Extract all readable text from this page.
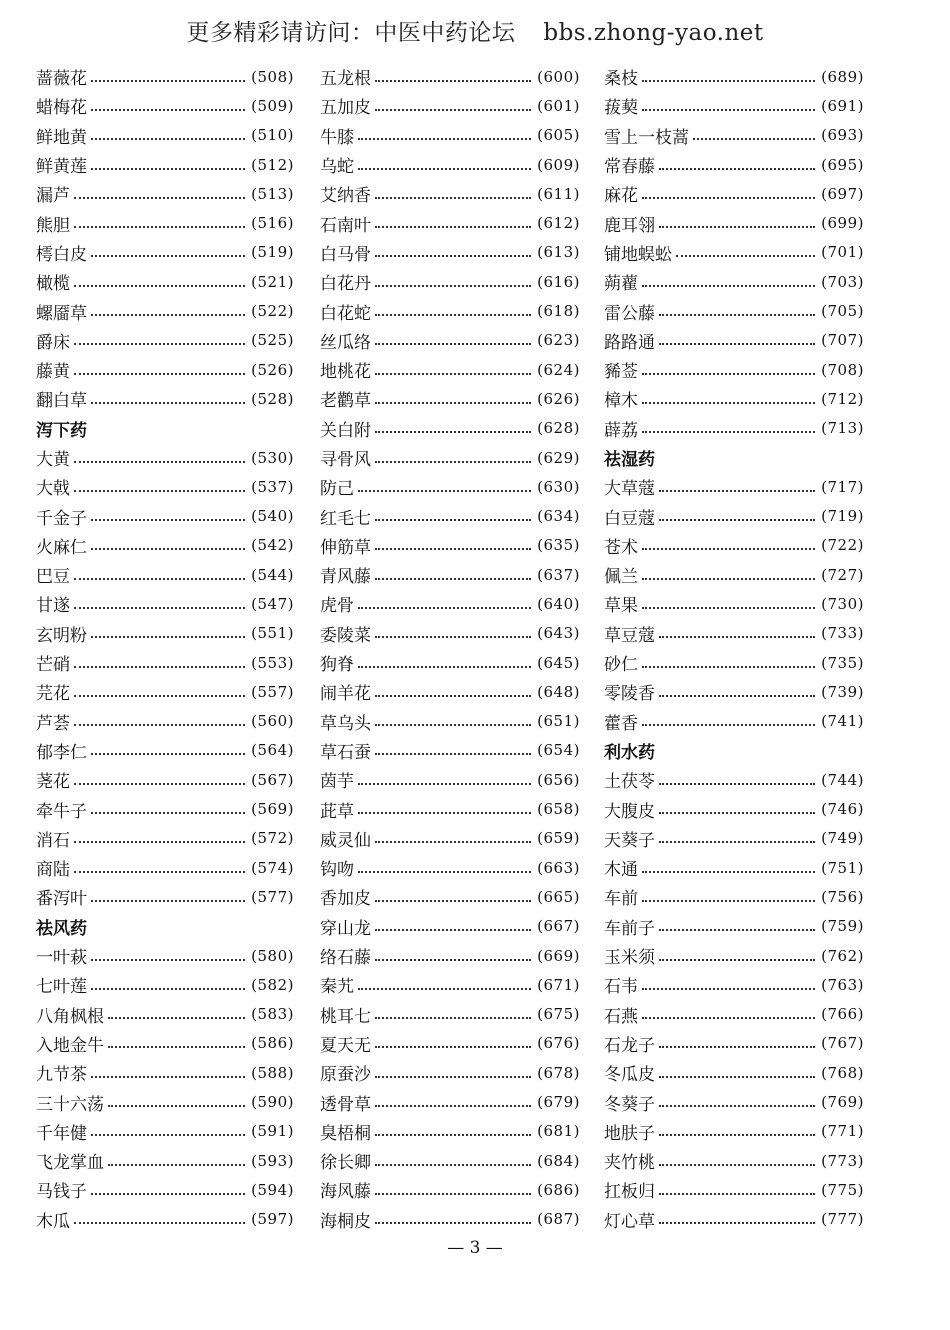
更多精彩请访问：中医中药论坛 bbs.zhong-yao.net
蔷薇花	(508)
蜡梅花	(509)
鲜地黄	(510)
鲜黄莲	(512)
漏芦	(513)
熊胆	(516)
樗白皮	(519)
橄榄	(521)
螺靥草	(522)
爵床	(525)
藤黄	(526)
翻白草	(528)
泻下药
大黄	(530)
大戟	(537)
千金子	(540)
火麻仁	(542)
巴豆	(544)
甘遂	(547)
玄明粉	(551)
芒硝	(553)
芫花	(557)
芦荟	(560)
郁李仁	(564)
荛花	(567)
牵牛子	(569)
消石	(572)
商陆	(574)
番泻叶	(577)
祛风药
一叶萩	(580)
七叶莲	(582)
八角枫根	(583)
入地金牛	(586)
九节茶	(588)
三十六荡	(590)
千年健	(591)
飞龙掌血	(593)
马钱子	(594)
木瓜	(597)
五龙根	(600)
五加皮	(601)
牛膝	(605)
乌蛇	(609)
艾纳香	(611)
石南叶	(612)
白马骨	(613)
白花丹	(616)
白花蛇	(618)
丝瓜络	(623)
地桃花	(624)
老鹳草	(626)
关白附	(628)
寻骨风	(629)
防己	(630)
红毛七	(634)
伸筋草	(635)
青风藤	(637)
虎骨	(640)
委陵菜	(643)
狗脊	(645)
闹羊花	(648)
草乌头	(651)
草石蚕	(654)
茵芋	(656)
茈草	(658)
威灵仙	(659)
钩吻	(663)
香加皮	(665)
穿山龙	(667)
络石藤	(669)
秦艽	(671)
桃耳七	(675)
夏天无	(676)
原蚕沙	(678)
透骨草	(679)
臭梧桐	(681)
徐长卿	(684)
海风藤	(686)
海桐皮	(687)
桑枝	(689)
菝葜	(691)
雪上一枝蒿	(693)
常春藤	(695)
麻花	(697)
鹿耳翎	(699)
铺地蜈蚣	(701)
蒴藋	(703)
雷公藤	(705)
路路通	(707)
豨莶	(708)
樟木	(712)
薜荔	(713)
祛湿药
大草蔻	(717)
白豆蔻	(719)
苍术	(722)
佩兰	(727)
草果	(730)
草豆蔻	(733)
砂仁	(735)
零陵香	(739)
藿香	(741)
利水药
土茯苓	(744)
大腹皮	(746)
天葵子	(749)
木通	(751)
车前	(756)
车前子	(759)
玉米须	(762)
石韦	(763)
石燕	(766)
石龙子	(767)
冬瓜皮	(768)
冬葵子	(769)
地肤子	(771)
夹竹桃	(773)
扛板归	(775)
灯心草	(777)
— 3 —
